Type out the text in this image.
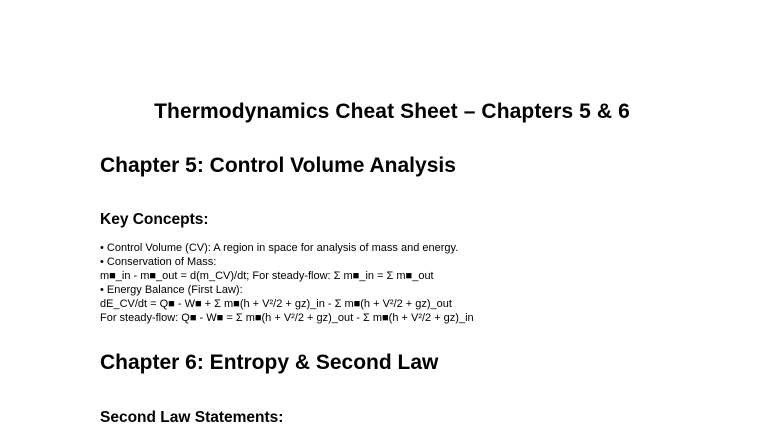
Thermodynamics Cheat Sheet – Chapters 5 & 6
Chapter 5: Control Volume Analysis
Key Concepts:
• Control Volume (CV): A region in space for analysis of mass and energy.
• Conservation of Mass:
m■_in - m■_out = d(m_CV)/dt; For steady-flow: Σ m■_in = Σ m■_out
• Energy Balance (First Law):
dE_CV/dt = Q■ - W■ + Σ m■(h + V²/2 + gz)_in - Σ m■(h + V²/2 + gz)_out
For steady-flow: Q■ - W■ = Σ m■(h + V²/2 + gz)_out - Σ m■(h + V²/2 + gz)_in
Chapter 6: Entropy & Second Law
Second Law Statements:
